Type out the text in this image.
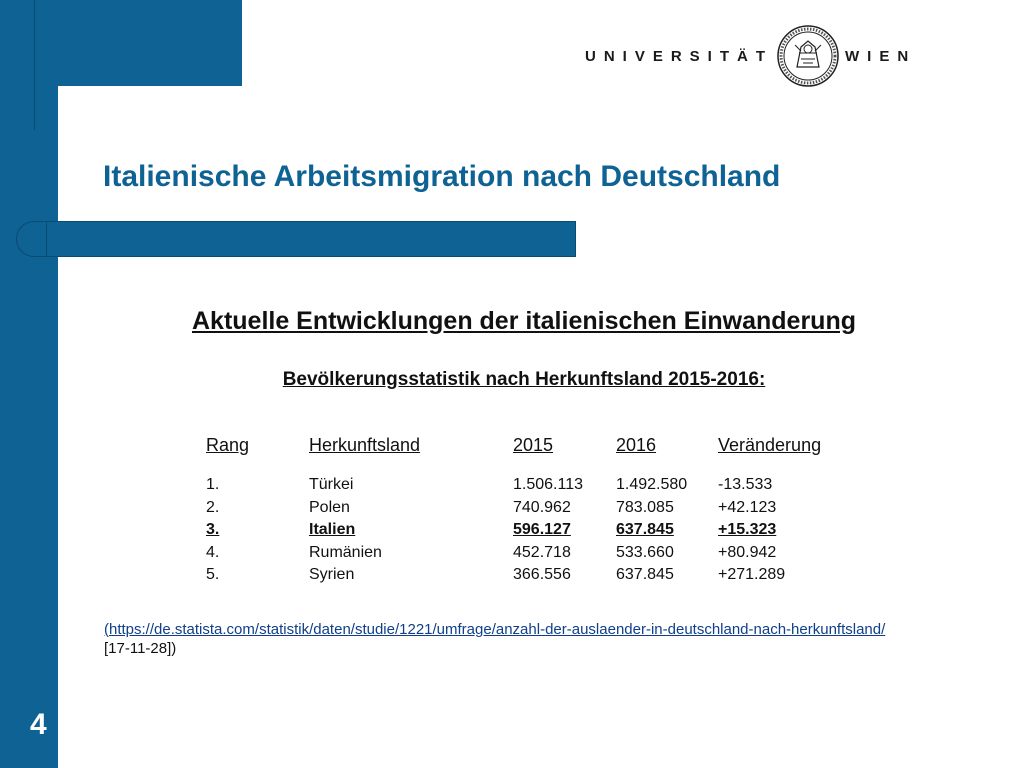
UNIVERSITÄT	WIEN
Italienische Arbeitsmigration nach Deutschland
Aktuelle Entwicklungen der italienischen Einwanderung
Bevölkerungsstatistik nach Herkunftsland 2015-2016:
Rang	Herkunftsland	2015	2016	Veränderung
1.	Türkei	1.506.113	1.492.580	-13.533
2.	Polen	740.962	783.085	+42.123
3.	Italien	596.127	637.845	+15.323
4.	Rumänien	452.718	533.660	+80.942
5.	Syrien	366.556	637.845	+271.289
(https://de.statista.com/statistik/daten/studie/1221/umfrage/anzahl-der-auslaender-in-deutschland-nach-herkunftsland/ [17-11-28])
4
